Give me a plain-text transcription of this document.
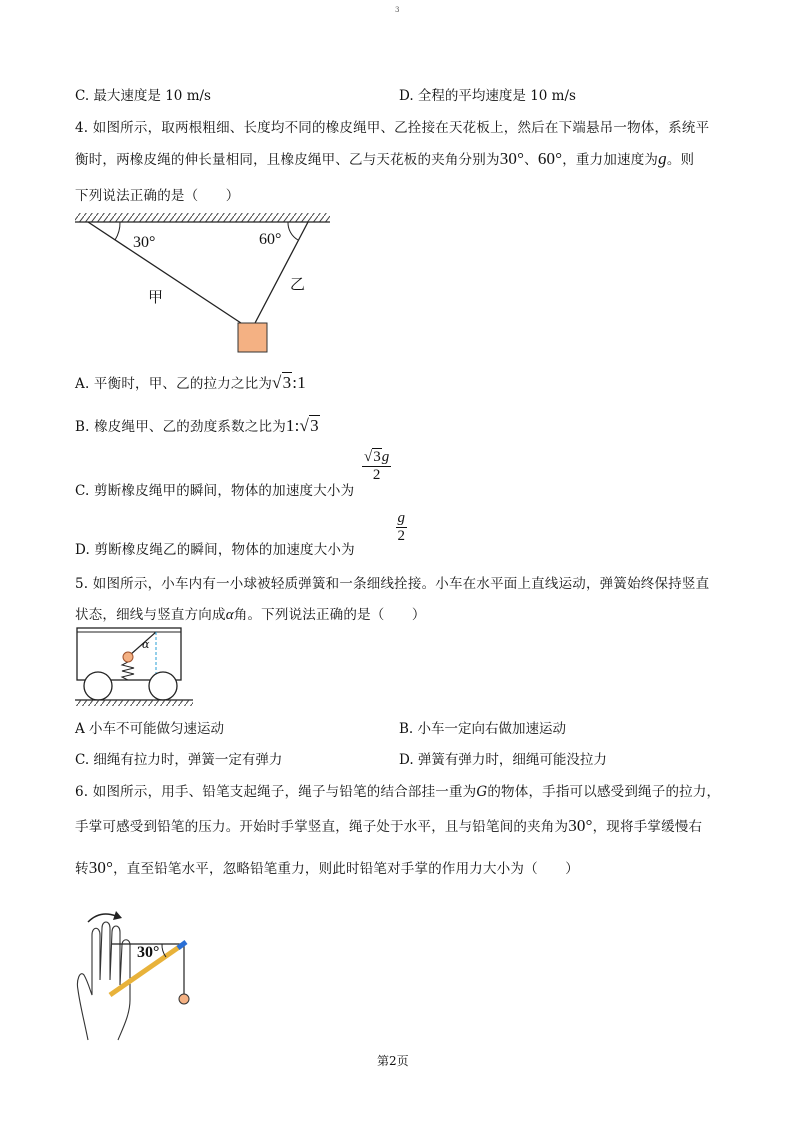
3
C. 最大速度是 10 m/s	D. 全程的平均速度是 10 m/s
4. 如图所示，取两根粗细、长度均不同的橡皮绳甲、乙拴接在天花板上，然后在下端悬吊一物体，系统平
衡时，两橡皮绳的伸长量相同，且橡皮绳甲、乙与天花板的夹角分别为30°、60°，重力加速度为g。则
下列说法正确的是（　　）
30°	60°
甲
乙
A. 平衡时，甲、乙的拉力之比为√3:1
B. 橡皮绳甲、乙的劲度系数之比为1:√3
C. 剪断橡皮绳甲的瞬间，物体的加速度大小为
$\frac{√3g}{2}$

D. 剪断橡皮绳乙的瞬间，物体的加速度大小为
$\frac{g}{2}$
5. 如图所示，小车内有一小球被轻质弹簧和一条细线拴接。小车在水平面上直线运动，弹簧始终保持竖直
状态，细线与竖直方向成α角。下列说法正确的是（　　）
α
A 小车不可能做匀速运动	B. 小车一定向右做加速运动
C. 细绳有拉力时，弹簧一定有弹力	D. 弹簧有弹力时，细绳可能没拉力
6. 如图所示，用手、铅笔支起绳子，绳子与铅笔的结合部挂一重为G的物体，手指可以感受到绳子的拉力，
手掌可感受到铅笔的压力。开始时手掌竖直，绳子处于水平，且与铅笔间的夹角为30°，现将手掌缓慢右
转30°，直至铅笔水平，忽略铅笔重力，则此时铅笔对手掌的作用力大小为（　　）
30°
第2页
